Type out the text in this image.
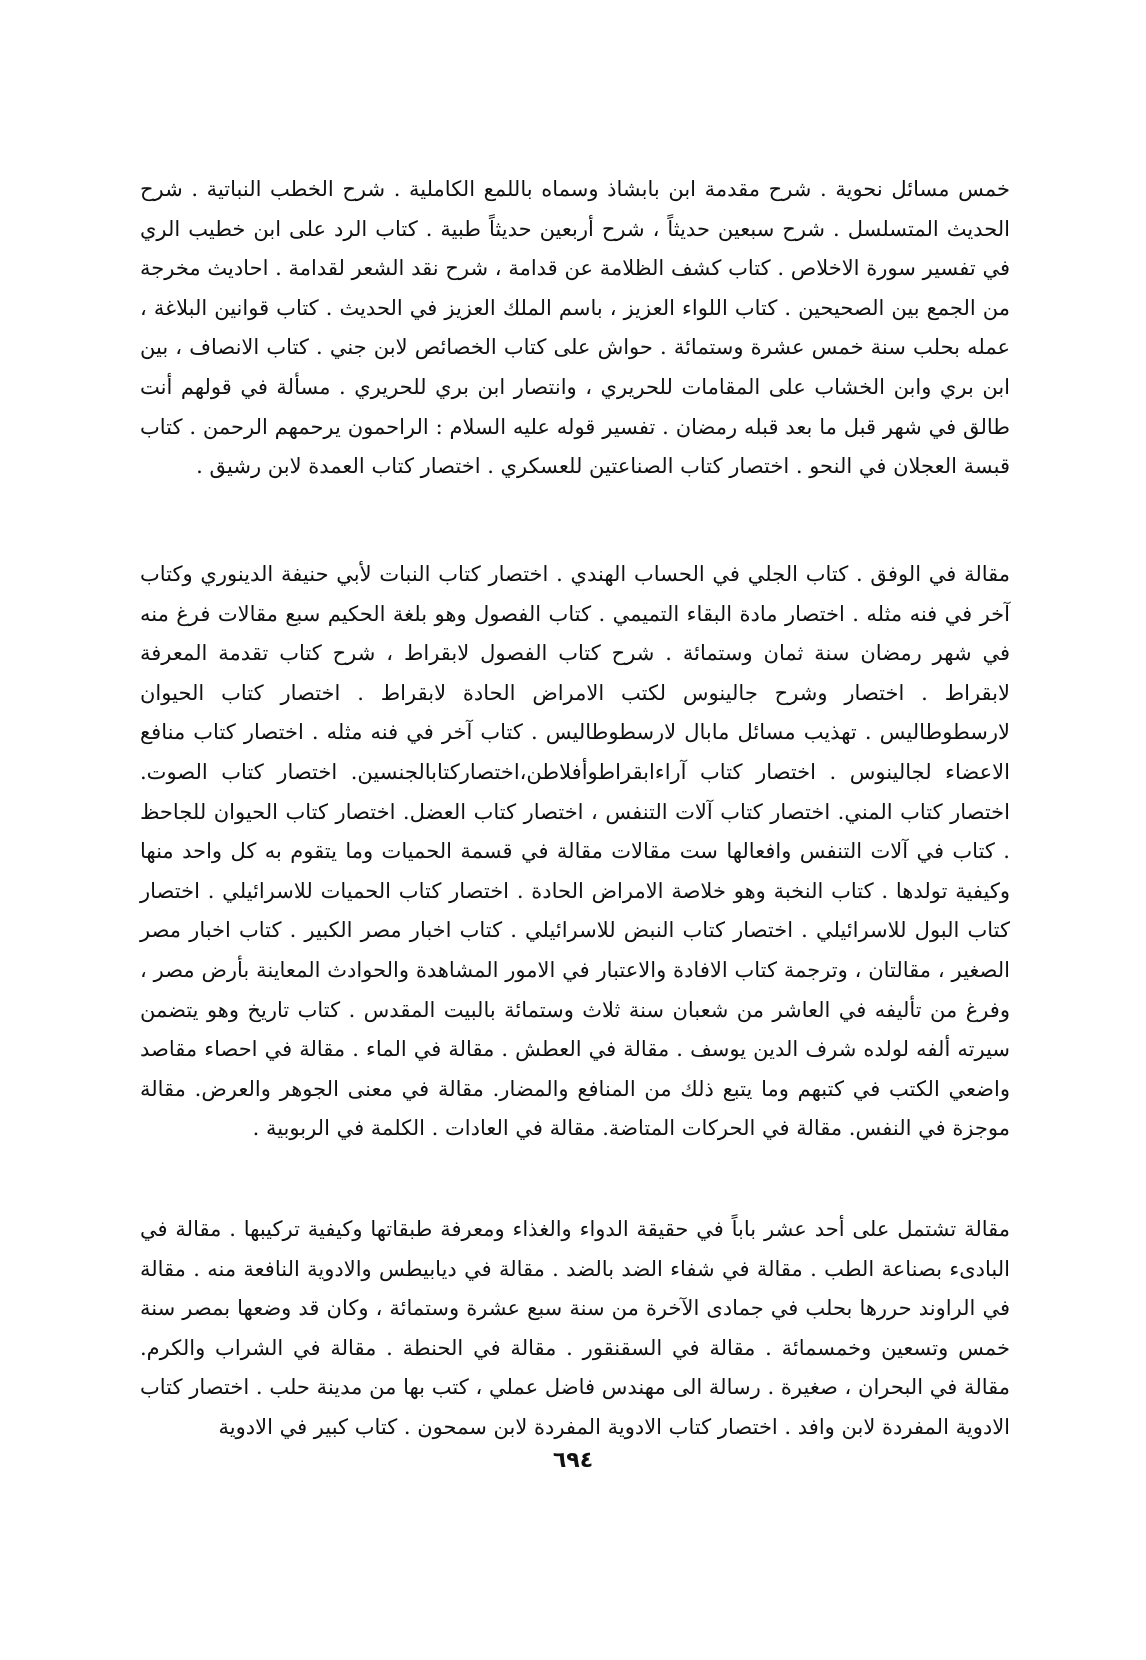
خمس مسائل نحوية . شرح مقدمة ابن بابشاذ وسماه باللمع الكاملية . شرح الخطب النباتية . شرح الحديث المتسلسل . شرح سبعين حديثاً ، شرح أربعين حديثاً طبية . كتاب الرد على ابن خطيب الري في تفسير سورة الاخلاص . كتاب كشف الظلامة عن قدامة ، شرح نقد الشعر لقدامة . احاديث مخرجة من الجمع بين الصحيحين . كتاب اللواء العزيز ، باسم الملك العزيز في الحديث . كتاب قوانين البلاغة ، عمله بحلب سنة خمس عشرة وستمائة . حواش على كتاب الخصائص لابن جني . كتاب الانصاف ، بين ابن بري وابن الخشاب على المقامات للحريري ، وانتصار ابن بري للحريري . مسألة في قولهم أنت طالق في شهر قبل ما بعد قبله رمضان . تفسير قوله عليه السلام : الراحمون يرحمهم الرحمن . كتاب قبسة العجلان في النحو . اختصار كتاب الصناعتين للعسكري . اختصار كتاب العمدة لابن رشيق .
مقالة في الوفق . كتاب الجلي في الحساب الهندي . اختصار كتاب النبات لأبي حنيفة الدينوري وكتاب آخر في فنه مثله . اختصار مادة البقاء التميمي . كتاب الفصول وهو بلغة الحكيم سبع مقالات فرغ منه في شهر رمضان سنة ثمان وستمائة . شرح كتاب الفصول لابقراط ، شرح كتاب تقدمة المعرفة لابقراط . اختصار وشرح جالينوس لكتب الامراض الحادة لابقراط . اختصار كتاب الحيوان لارسطوطاليس . تهذيب مسائل مابال لارسطوطاليس . كتاب آخر في فنه مثله . اختصار كتاب منافع الاعضاء لجالينوس . اختصار كتاب آراءابقراطوأفلاطن،اختصاركتابالجنسين. اختصار كتاب الصوت. اختصار كتاب المني. اختصار كتاب آلات التنفس ، اختصار كتاب العضل. اختصار كتاب الحيوان للجاحظ . كتاب في آلات التنفس وافعالها ست مقالات مقالة في قسمة الحميات وما يتقوم به كل واحد منها وكيفية تولدها . كتاب النخبة وهو خلاصة الامراض الحادة . اختصار كتاب الحميات للاسرائيلي . اختصار كتاب البول للاسرائيلي . اختصار كتاب النبض للاسرائيلي . كتاب اخبار مصر الكبير . كتاب اخبار مصر الصغير ، مقالتان ، وترجمة كتاب الافادة والاعتبار في الامور المشاهدة والحوادث المعاينة بأرض مصر ، وفرغ من تأليفه في العاشر من شعبان سنة ثلاث وستمائة بالبيت المقدس . كتاب تاريخ وهو يتضمن سيرته ألفه لولده شرف الدين يوسف . مقالة في العطش . مقالة في الماء . مقالة في احصاء مقاصد واضعي الكتب في كتبهم وما يتبع ذلك من المنافع والمضار. مقالة في معنى الجوهر والعرض. مقالة موجزة في النفس. مقالة في الحركات المتاضة. مقالة في العادات . الكلمة في الربوبية .
مقالة تشتمل على أحد عشر باباً في حقيقة الدواء والغذاء ومعرفة طبقاتها وكيفية تركيبها . مقالة في البادىء بصناعة الطب . مقالة في شفاء الضد بالضد . مقالة في ديابيطس والادوية النافعة منه . مقالة في الراوند حررها بحلب في جمادى الآخرة من سنة سبع عشرة وستمائة ، وكان قد وضعها بمصر سنة خمس وتسعين وخمسمائة . مقالة في السقنقور . مقالة في الحنطة . مقالة في الشراب والكرم. مقالة في البحران ، صغيرة . رسالة الى مهندس فاضل عملي ، كتب بها من مدينة حلب . اختصار كتاب الادوية المفردة لابن وافد . اختصار كتاب الادوية المفردة لابن سمحون . كتاب كبير في الادوية
٦٩٤
